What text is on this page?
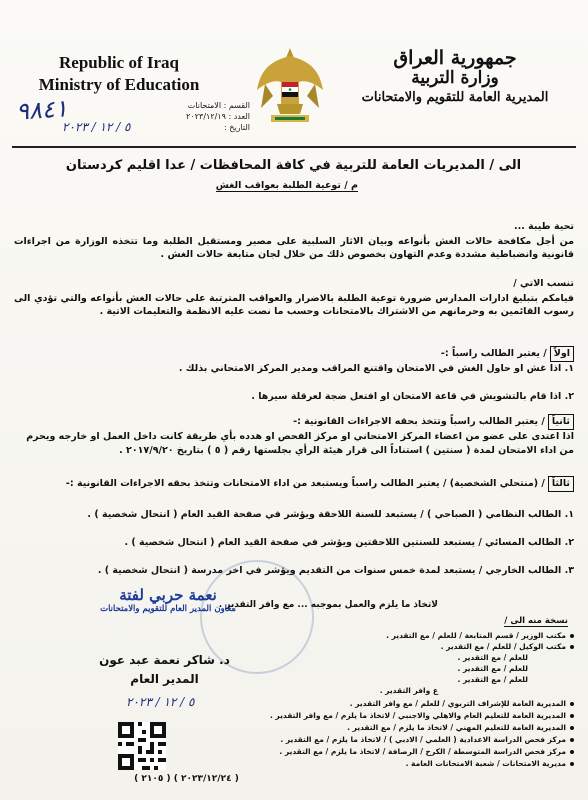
Republic of Iraq
Ministry of Education
جمهورية العراق
وزارة التربية
المديرية العامة للتقويم والامتحانات
القسم : الامتحانات
العدد : ٢٠٢٣/١٢/١٩
التاريخ :
٩٨٤١
٥ / ١٢ / ٢٠٢٣
الى / المديريات العامة للتربية في كافة المحافظات / عدا اقليم كردستان
م / توعية الطلبة بعواقب الغش
تحية طيبة ...
من أجل مكافحة حالات الغش بأنواعه وبيان الاثار السلبية على مصير ومستقبل الطلبة وما تتخذه الوزارة من اجراءات قانونية وانضباطية مشددة وعدم التهاون بخصوص ذلك من خلال لجان متابعة حالات الغش .
تنسب الاتي /
فيامكم بتبليغ ادارات المدارس ضرورة توعية الطلبة بالاضرار والعواقب المترتبة على حالات الغش بأنواعه والتي تؤدي الى رسوب القائمين به وحرمانهم من الاشتراك بالامتحانات وحسب ما نصت عليه الانظمة والتعليمات الاتية .
اولاً/ يعتبر الطالب راسباً :-
١. اذا غش او حاول الغش في الامتحان واقتنع المراقب ومدير المركز الامتحاني بذلك .
٢. اذا قام بالتشويش في قاعة الامتحان او افتعل ضجة لعرقلة سيرها .
ثانياً/ يعتبر الطالب راسباً وتتخذ بحقه الاجراءات القانونية :-
اذا اعتدى على عضو من اعضاء المركز الامتحاني او مركز الفحص او هدده بأي طريقة كانت داخل العمل او خارجه ويحرم من اداء الامتحان لمدة ( سنتين ) استناداً الى قرار هيئة الرأي بجلستها رقم ( ٥ ) بتاريخ ٢٠١٧/٩/٢٠ .
ثالثاً/ (منتحلي الشخصية) / يعتبر الطالب راسباً ويستبعد من اداء الامتحانات وتتخذ بحقه الاجراءات القانونية :-
١. الطالب النظامي ( الصباحي ) / يستبعد للسنة اللاحقة ويؤشر في صفحة القيد العام ( انتحال شخصية ) .
٢. الطالب المسائي / يستبعد للسنتين اللاحقتين ويؤشر في صفحة القيد العام ( انتحال شخصية ) .
٣. الطالب الخارجي / يستبعد لمدة خمس سنوات من التقديم ويؤشر في اخر مدرسة ( انتحال شخصية ) .
لاتخاذ ما يلزم والعمل بموجبه ... مع وافر التقدير .
نعمة حربي لفتة
معاون المدير العام للتقويم والامتحانات
د. شاكر نعمة عبد عون
المدير العام
٥ / ١٢ / ٢٠٢٣
نسخة منه الى /
مكتب الوزير / قسم المتابعة / للعلم / مع التقدير .
مكتب الوكيل / للعلم / مع التقدير .
للعلم / مع التقدير .
للعلم / مع التقدير .
للعلم / مع التقدير .
ع وافر التقدير .
المديرية العامة للإشراف التربوي / للعلم / مع وافر التقدير .
المديرية العامة للتعليم العام والاهلي والاجنبي / لاتخاذ ما يلزم / مع وافر التقدير .
المديرية العامة للتعليم المهني / لاتخاذ ما يلزم / مع التقدير .
مركز فحص الدراسة الاعدادية ( العلمي / الادبي ) / لاتخاذ ما يلزم / مع التقدير .
مركز فحص الدراسة المتوسطة / الكرخ / الرصافة / لاتخاذ ما يلزم / مع التقدير .
مديرية الامتحانات / شعبة الامتحانات العامة .
( ٢٠٢٣/١٢/٢٤ ) ( ٢١٠٥ )
